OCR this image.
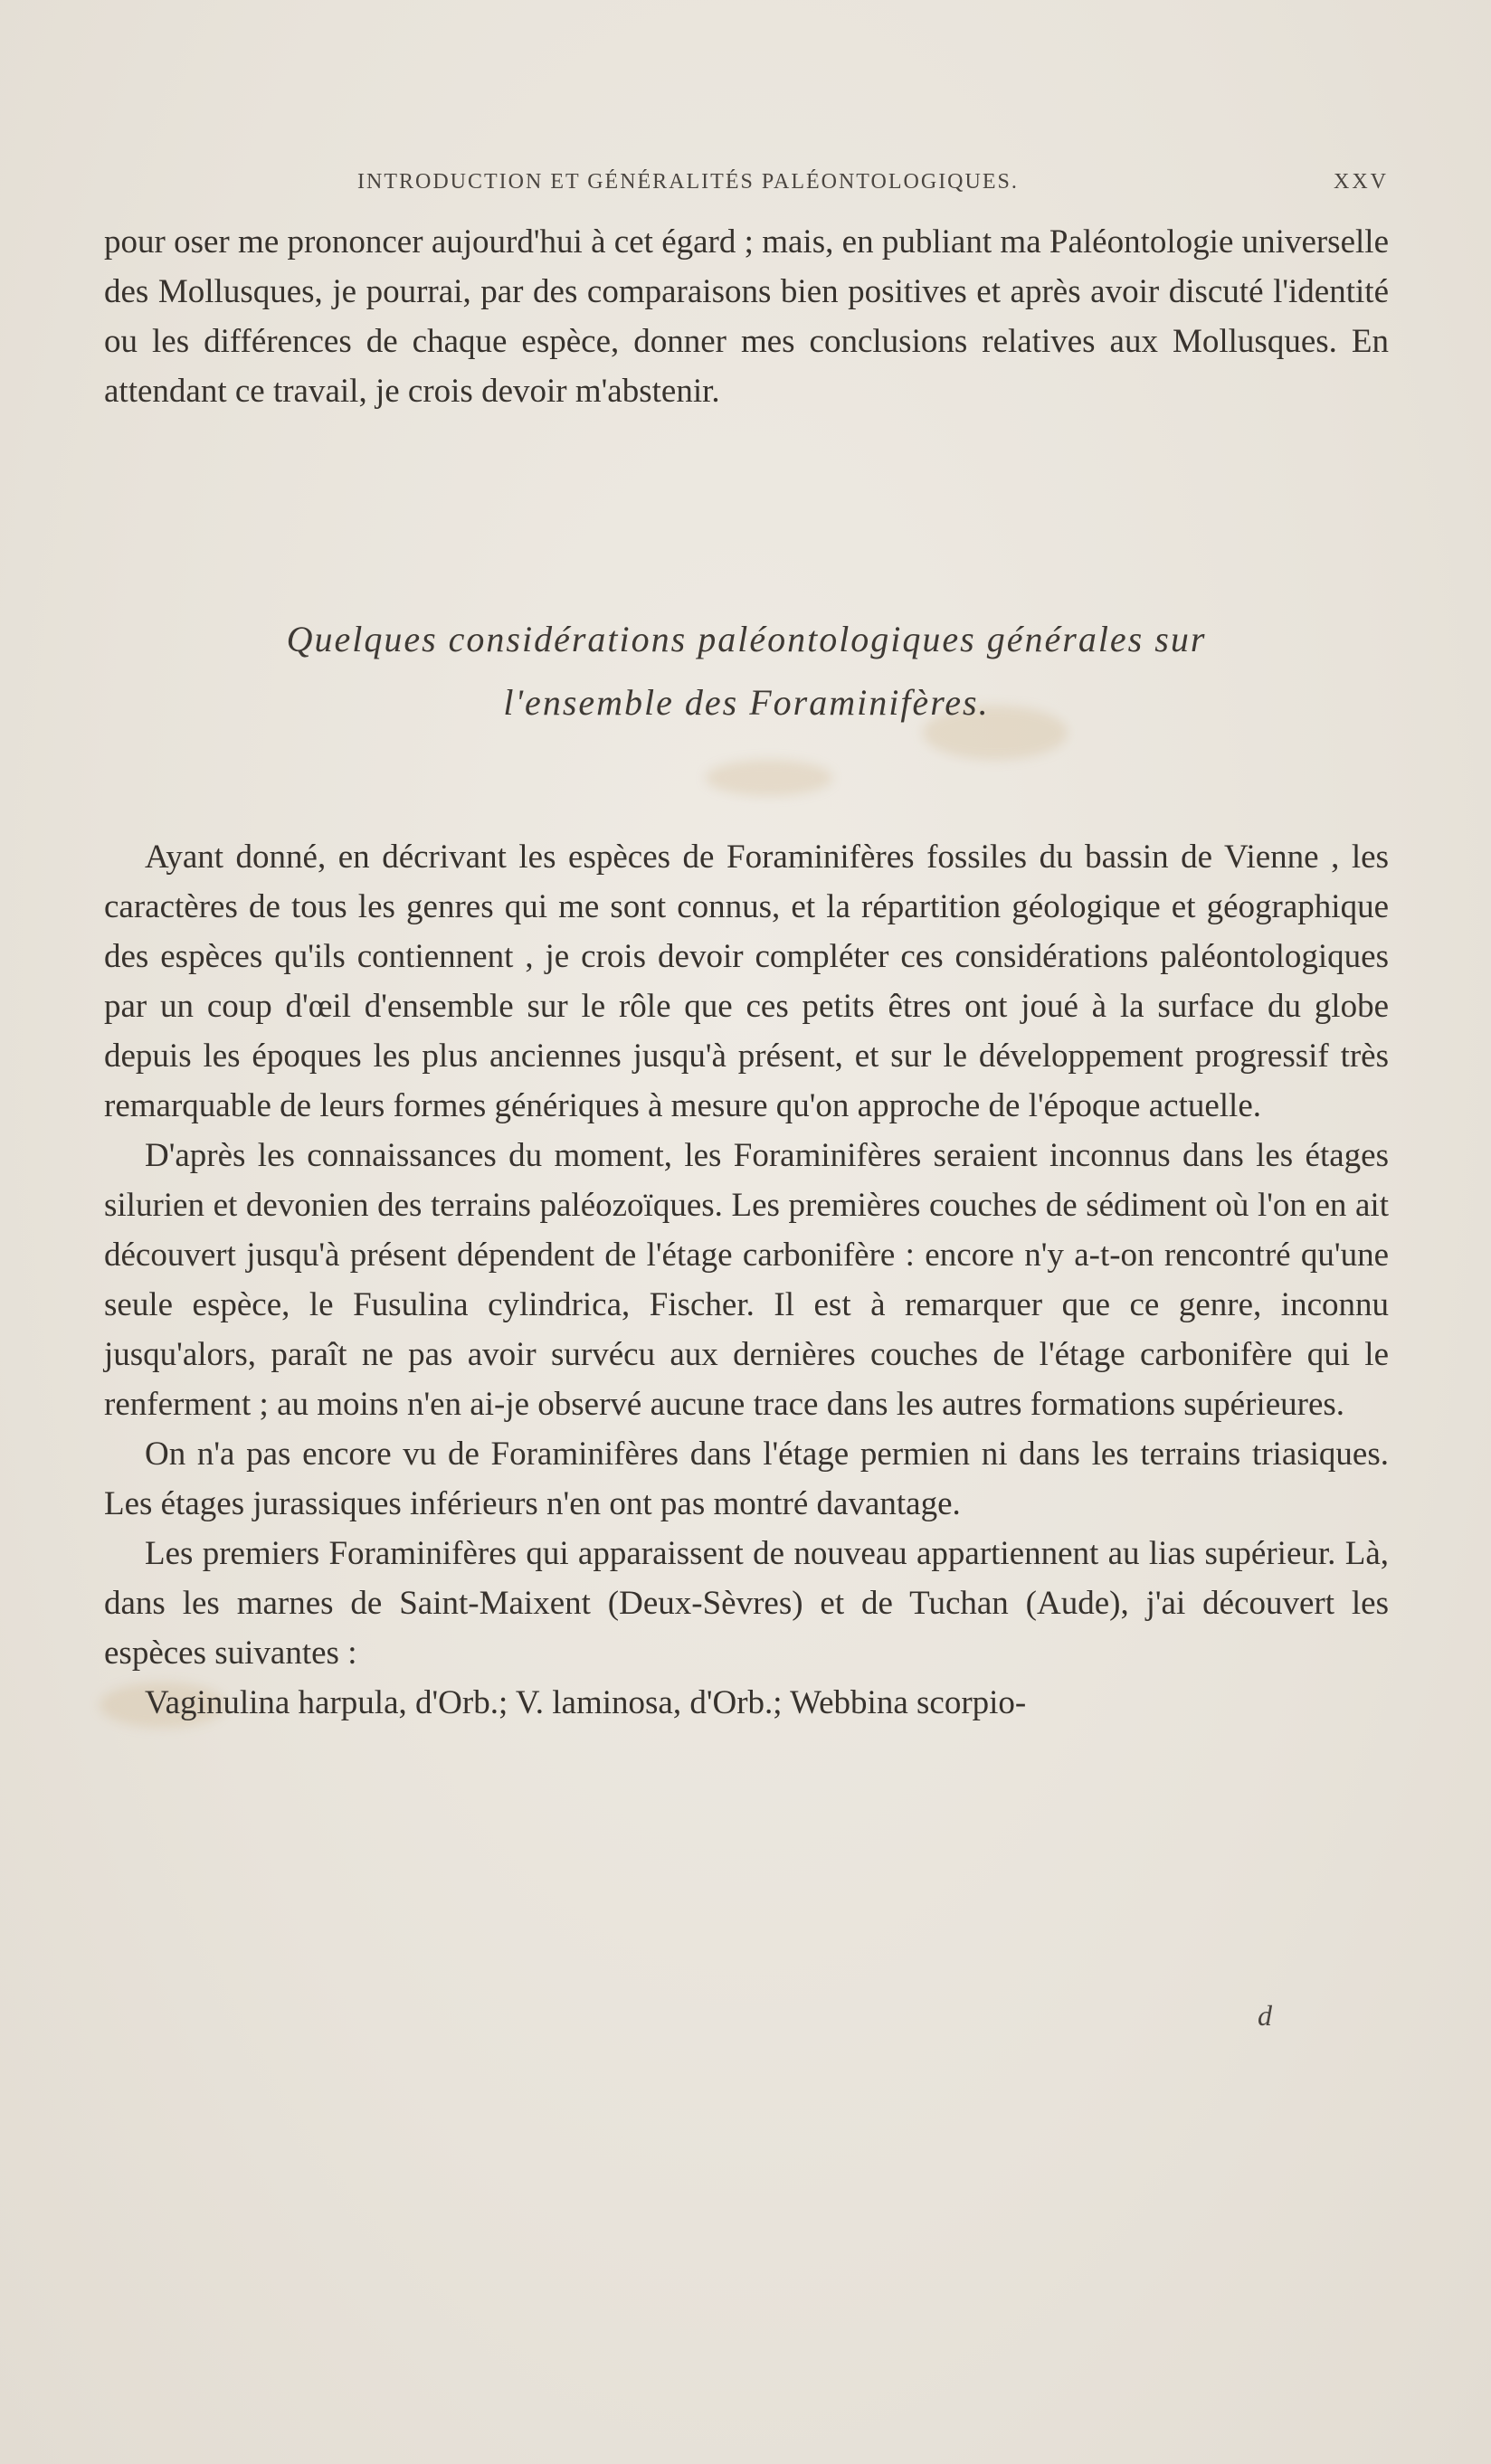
INTRODUCTION ET GÉNÉRALITÉS PALÉONTOLOGIQUES.	XXV

pour oser me prononcer aujourd'hui à cet égard ; mais, en publiant ma Paléontologie universelle des Mollusques, je pourrai, par des comparaisons bien positives et après avoir discuté l'identité ou les différences de chaque espèce, donner mes conclusions relatives aux Mollusques. En attendant ce travail, je crois devoir m'abstenir.

Quelques considérations paléontologiques générales sur
l'ensemble des Foraminifères.

Ayant donné, en décrivant les espèces de Foraminifères fossiles du bassin de Vienne , les caractères de tous les genres qui me sont connus, et la répartition géologique et géographique des espèces qu'ils contiennent , je crois devoir compléter ces considérations paléontologiques par un coup d'œil d'ensemble sur le rôle que ces petits êtres ont joué à la surface du globe depuis les époques les plus anciennes jusqu'à présent, et sur le développement progressif très remarquable de leurs formes génériques à mesure qu'on approche de l'époque actuelle.

D'après les connaissances du moment, les Foraminifères seraient inconnus dans les étages silurien et devonien des terrains paléozoïques. Les premières couches de sédiment où l'on en ait découvert jusqu'à présent dépendent de l'étage carbonifère : encore n'y a-t-on rencontré qu'une seule espèce, le Fusulina cylindrica, Fischer. Il est à remarquer que ce genre, inconnu jusqu'alors, paraît ne pas avoir survécu aux dernières couches de l'étage carbonifère qui le renferment ; au moins n'en ai-je observé aucune trace dans les autres formations supérieures.

On n'a pas encore vu de Foraminifères dans l'étage permien ni dans les terrains triasiques. Les étages jurassiques inférieurs n'en ont pas montré davantage.

Les premiers Foraminifères qui apparaissent de nouveau appartiennent au lias supérieur. Là, dans les marnes de Saint-Maixent (Deux-Sèvres) et de Tuchan (Aude), j'ai découvert les espèces suivantes :

Vaginulina harpula, d'Orb.; V. laminosa, d'Orb.; Webbina scorpio-

d
